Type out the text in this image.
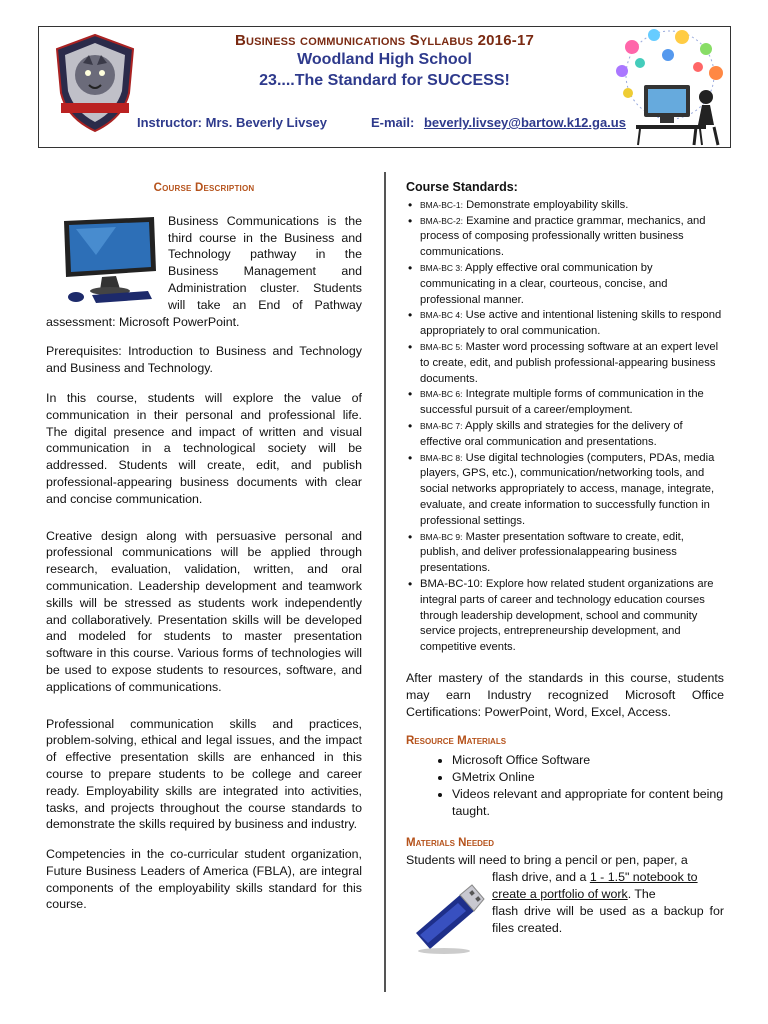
Business communications Syllabus 2016-17
Woodland High School
23....The Standard for SUCCESS!
Instructor: Mrs. Beverly Livsey	E-mail: beverly.livsey@bartow.k12.ga.us
Course Description

Business Communications is the third course in the Business and Technology pathway in the Business Management and Administration cluster. Students will take an End of Pathway assessment: Microsoft PowerPoint.

Prerequisites: Introduction to Business and Technology and Business and Technology.

In this course, students will explore the value of communication in their personal and professional life. The digital presence and impact of written and visual communication in a technological society will be addressed. Students will create, edit, and publish professional-appearing business documents with clear and concise communication.

Creative design along with persuasive personal and professional communications will be applied through research, evaluation, validation, written, and oral communication. Leadership development and teamwork skills will be stressed as students work independently and collaboratively. Presentation skills will be developed and modeled for students to master presentation software in this course. Various forms of technologies will be used to expose students to resources, software, and applications of communications.

Professional communication skills and practices, problem-solving, ethical and legal issues, and the impact of effective presentation skills are enhanced in this course to prepare students to be college and career ready. Employability skills are integrated into activities, tasks, and projects throughout the course standards to demonstrate the skills required by business and industry.

Competencies in the co-curricular student organization, Future Business Leaders of America (FBLA), are integral components of the employability skills standard for this course.

Course Standards:
• BMA-BC-1: Demonstrate employability skills.
• BMA-BC-2: Examine and practice grammar, mechanics, and process of composing professionally written business communications.
• BMA-BC 3: Apply effective oral communication by communicating in a clear, courteous, concise, and professional manner.
• BMA-BC 4: Use active and intentional listening skills to respond appropriately to oral communication.
• BMA-BC 5: Master word processing software at an expert level to create, edit, and publish professional-appearing business documents.
• BMA-BC 6: Integrate multiple forms of communication in the successful pursuit of a career/employment.
• BMA-BC 7: Apply skills and strategies for the delivery of effective oral communication and presentations.
• BMA-BC 8: Use digital technologies (computers, PDAs, media players, GPS, etc.), communication/networking tools, and social networks appropriately to access, manage, integrate, evaluate, and create information to successfully function in professional settings.
• BMA-BC 9: Master presentation software to create, edit, publish, and deliver professionalappearing business presentations.
• BMA-BC-10: Explore how related student organizations are integral parts of career and technology education courses through leadership development, school and community service projects, entrepreneurship development, and competitive events.
After mastery of the standards in this course, students may earn Industry recognized Microsoft Office Certifications: PowerPoint, Word, Excel, Access.
Resource Materials
• Microsoft Office Software
• GMetrix Online
• Videos relevant and appropriate for content being taught.
Materials Needed
Students will need to bring a pencil or pen, paper, a
flash drive, and a 1 - 1.5" notebook to create a portfolio of work. The
flash drive will be used as a backup for files created.
